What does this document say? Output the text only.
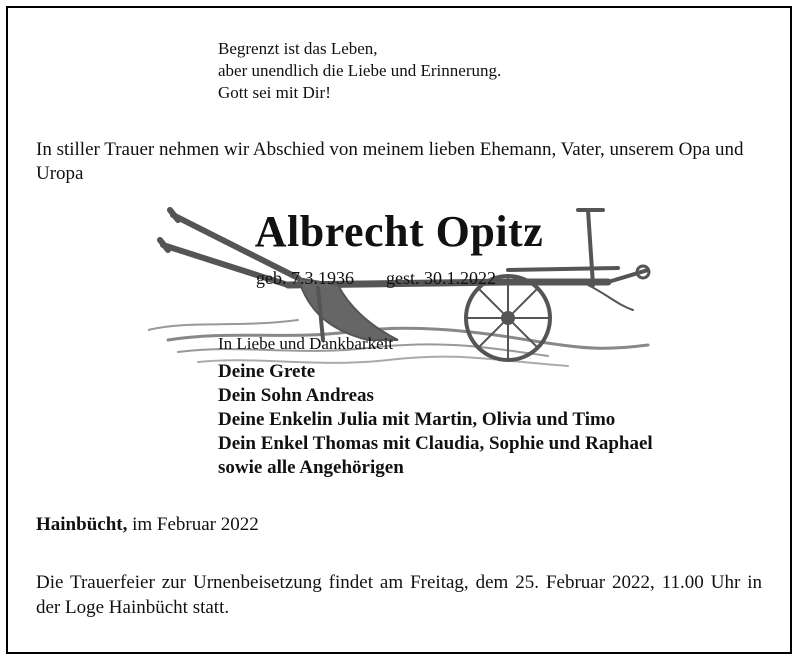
Begrenzt ist das Leben,
aber unendlich die Liebe und Erinnerung.
Gott sei mit Dir!

In stiller Trauer nehmen wir Abschied von meinem lieben Ehemann, Vater, unserem Opa und Uropa

Albrecht Opitz
geb. 7.3.1936 gest. 30.1.2022
In Liebe und Dankbarkeit
Deine Grete
Dein Sohn Andreas
Deine Enkelin Julia mit Martin, Olivia und Timo
Dein Enkel Thomas mit Claudia, Sophie und Raphael
sowie alle Angehörigen
Hainbücht, im Februar 2022

Die Trauerfeier zur Urnenbeisetzung findet am Freitag, dem 25. Februar 2022, 11.00 Uhr in der Loge Hainbücht statt.
